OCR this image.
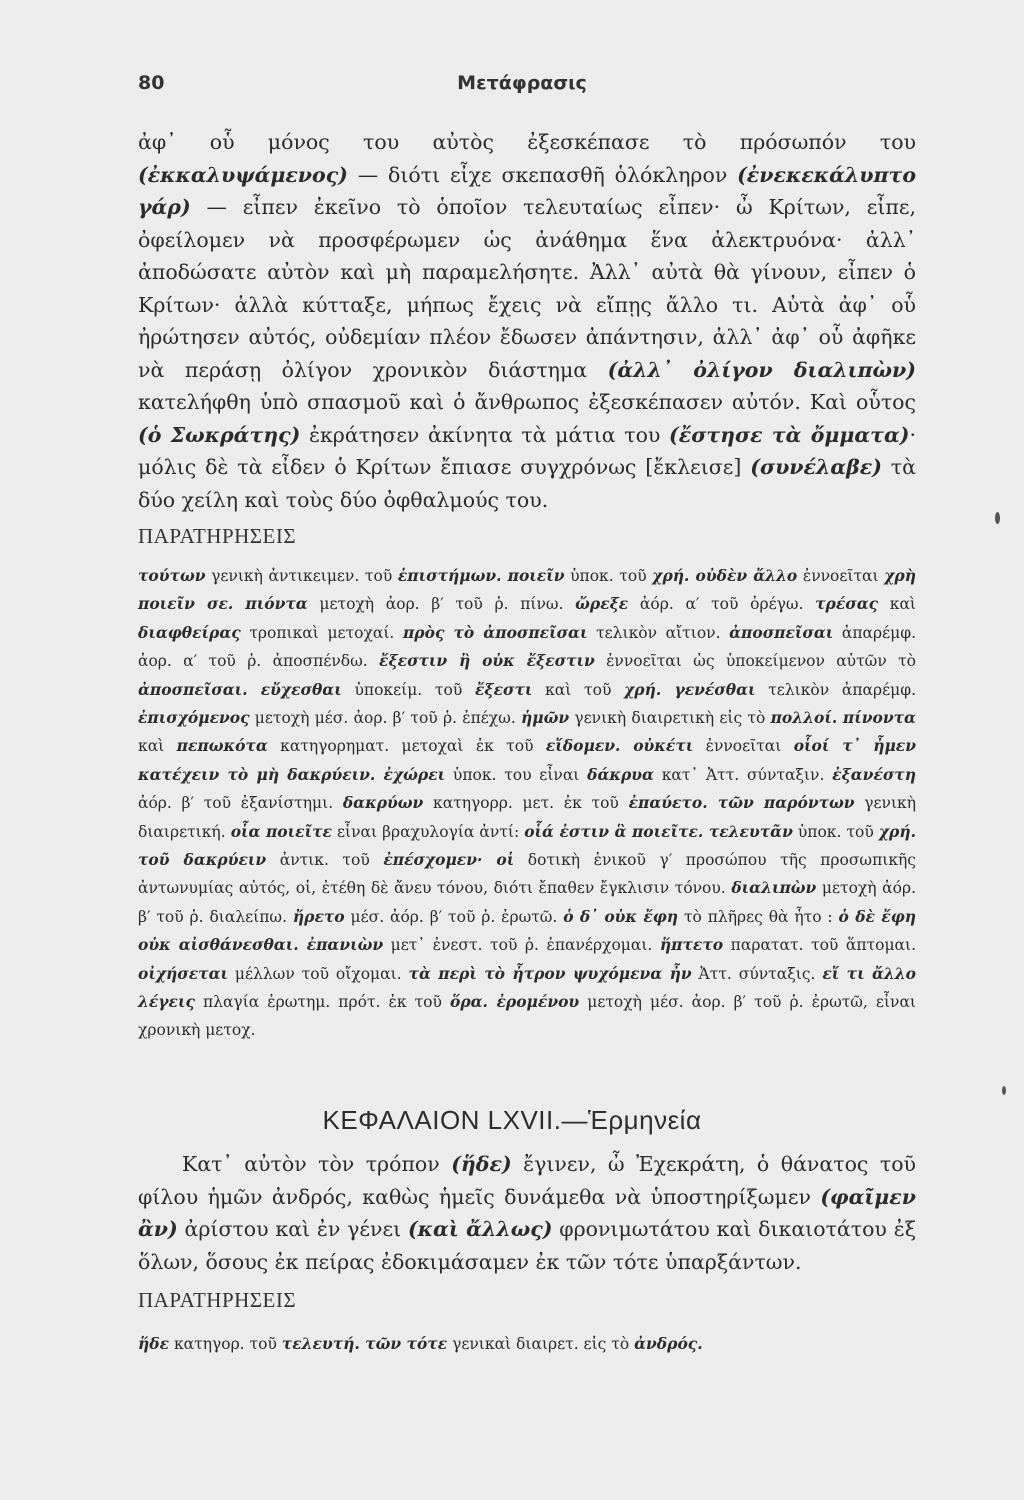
80	Μετάφρασις

ἀφ᾽ οὗ μόνος του αὐτὸς ἐξεσκέπασε τὸ πρόσωπόν του (ἐκκαλυψάμενος) — διότι εἶχε σκεπασθῆ ὁλόκληρον (ἐνεκεκάλυπτο γάρ) — εἶπεν ἐκεῖνο τὸ ὁποῖον τελευταίως εἶπεν· ὦ Κρίτων, εἶπε, ὀφείλομεν νὰ προσφέρωμεν ὡς ἀνάθημα ἕνα ἀλεκτρυόνα· ἀλλ᾽ ἀποδώσατε αὐτὸν καὶ μὴ παραμελήσητε. Ἀλλ᾽ αὐτὰ θὰ γίνουν, εἶπεν ὁ Κρίτων· ἀλλὰ κύτταξε, μήπως ἔχεις νὰ εἴπῃς ἄλλο τι. Αὐτὰ ἀφ᾽ οὗ ἠρώτησεν αὐτός, οὐδεμίαν πλέον ἔδωσεν ἀπάντησιν, ἀλλ᾽ ἀφ᾽ οὗ ἀφῆκε νὰ περάσῃ ὀλίγον χρονικὸν διάστημα (ἀλλ᾽ ὀλίγον διαλιπὼν) κατελήφθη ὑπὸ σπασμοῦ καὶ ὁ ἄνθρωπος ἐξεσκέπασεν αὐτόν. Καὶ οὗτος (ὁ Σωκράτης) ἐκράτησεν ἀκίνητα τὰ μάτια του (ἔστησε τὰ ὄμματα)· μόλις δὲ τὰ εἶδεν ὁ Κρίτων ἔπιασε συγχρόνως [ἔκλεισε] (συνέλαβε) τὰ δύο χείλη καὶ τοὺς δύο ὀφθαλμούς του.

ΠΑΡΑΤΗΡΗΣΕΙΣ
τούτων γενικὴ ἀντικειμεν. τοῦ ἐπιστήμων. ποιεῖν ὑποκ. τοῦ χρή. οὐδὲν ἄλλο ἐννοεῖται χρὴ ποιεῖν σε. πιόντα μετοχὴ ἀορ. β′ τοῦ ῥ. πίνω. ὤρεξε ἀόρ. α′ τοῦ ὀρέγω. τρέσας καὶ διαφθείρας τροπικαὶ μετοχαί. πρὸς τὸ ἀποσπεῖσαι τελικὸν αἴτιον. ἀποσπεῖσαι ἀπαρέμφ. ἀορ. α′ τοῦ ῥ. ἀποσπένδω. ἔξεστιν ἢ οὐκ ἔξεστιν ἐννοεῖται ὡς ὑποκείμενον αὐτῶν τὸ ἀποσπεῖσαι. εὔχεσθαι ὑποκείμ. τοῦ ἔξεστι καὶ τοῦ χρή. γενέσθαι τελικὸν ἀπαρέμφ. ἐπισχόμενος μετοχὴ μέσ. ἀορ. β′ τοῦ ῥ. ἐπέχω. ἡμῶν γενικὴ διαιρετικὴ εἰς τὸ πολλοί. πίνοντα καὶ πεπωκότα κατηγορηματ. μετοχαὶ ἐκ τοῦ εἴδομεν. οὐκέτι ἐννοεῖται οἷοί τ᾽ ἦμεν κατέχειν τὸ μὴ δακρύειν. ἐχώρει ὑποκ. του εἶναι δάκρυα κατ᾽ Ἀττ. σύνταξιν. ἐξανέστη ἀόρ. β′ τοῦ ἐξανίστημι. δακρύων κατηγορρ. μετ. ἐκ τοῦ ἐπαύετο. τῶν παρόντων γενικὴ διαιρετική. οἷα ποιεῖτε εἶναι βραχυλογία ἀντί: οἷά ἐστιν ἃ ποιεῖτε. τελευτᾶν ὑποκ. τοῦ χρή. τοῦ δακρύειν ἀντικ. τοῦ ἐπέσχομεν· οἱ δοτικὴ ἑνικοῦ γ′ προσώπου τῆς προσωπικῆς ἀντωνυμίας αὐτός, οἱ, ἐτέθη δὲ ἄνευ τόνου, διότι ἔπαθεν ἔγκλισιν τόνου. διαλιπὼν μετοχὴ ἀόρ. β′ τοῦ ῥ. διαλείπω. ἤρετο μέσ. ἀόρ. β′ τοῦ ῥ. ἐρωτῶ. ὁ δ᾽ οὐκ ἔφη τὸ πλῆρες θὰ ἦτο : ὁ δὲ ἔφη οὐκ αἰσθάνεσθαι. ἐπανιὼν μετ᾽ ἐνεστ. τοῦ ῥ. ἐπανέρχομαι. ἥπτετο παρατατ. τοῦ ἅπτομαι. οἰχήσεται μέλλων τοῦ οἴχομαι. τὰ περὶ τὸ ἦτρον ψυχόμενα ἦν Ἀττ. σύνταξις. εἴ τι ἄλλο λέγεις πλαγία ἐρωτημ. πρότ. ἐκ τοῦ ὅρα. ἐρομένου μετοχὴ μέσ. ἀορ. β′ τοῦ ῥ. ἐρωτῶ, εἶναι χρονικὴ μετοχ.
ΚΕΦΑΛΑΙΟΝ LXVII.—Ἑρμηνεία

Κατ᾽ αὐτὸν τὸν τρόπον (ἥδε) ἔγινεν, ὦ Ἐχεκράτη, ὁ θάνατος τοῦ φίλου ἡμῶν ἀνδρός, καθὼς ἡμεῖς δυνάμεθα νὰ ὑποστηρίξωμεν (φαῖμεν ἂν) ἀρίστου καὶ ἐν γένει (καὶ ἄλλως) φρονιμωτάτου καὶ δικαιοτάτου ἐξ ὅλων, ὅσους ἐκ πείρας ἐδοκιμάσαμεν ἐκ τῶν τότε ὑπαρξάντων.

ΠΑΡΑΤΗΡΗΣΕΙΣ
ἥδε κατηγορ. τοῦ τελευτή. τῶν τότε γενικαὶ διαιρετ. εἰς τὸ ἀνδρός.
